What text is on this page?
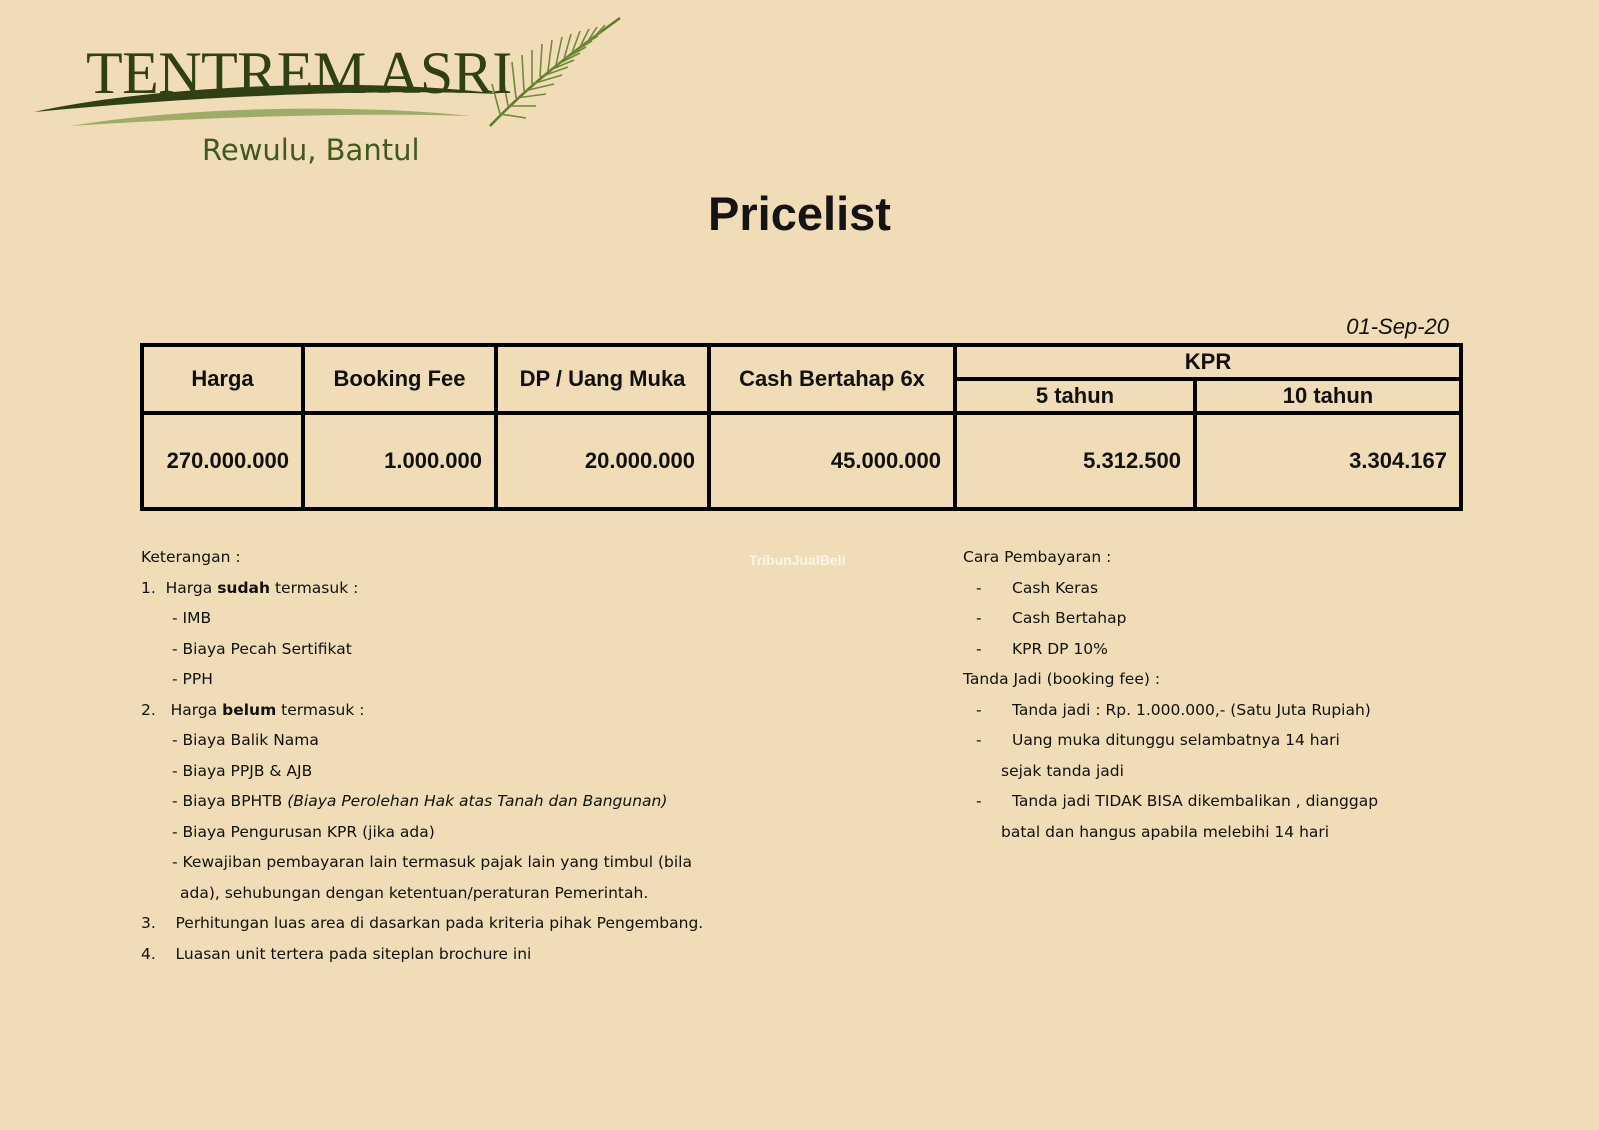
TENTREM ASRI
Rewulu, Bantul
Pricelist
01-Sep-20
Harga	Booking Fee	DP / Uang Muka	Cash Bertahap 6x	KPR	
				5 tahun	10 tahun
270.000.000	1.000.000	20.000.000	45.000.000	5.312.500	3.304.167
Keterangan :
1. Harga sudah termasuk :
- IMB
- Biaya Pecah Sertifikat
- PPH
2. Harga belum termasuk :
- Biaya Balik Nama
- Biaya PPJB & AJB
- Biaya BPHTB (Biaya Perolehan Hak atas Tanah dan Bangunan)
- Biaya Pengurusan KPR (jika ada)
- Kewajiban pembayaran lain termasuk pajak lain yang timbul (bila
ada), sehubungan dengan ketentuan/peraturan Pemerintah.
3. Perhitungan luas area di dasarkan pada kriteria pihak Pengembang.
4. Luasan unit tertera pada siteplan brochure ini
TribunJualBeli	Cara Pembayaran :
- Cash Keras
- Cash Bertahap
- KPR DP 10%
Tanda Jadi (booking fee) :
- Tanda jadi : Rp. 1.000.000,- (Satu Juta Rupiah)
- Uang muka ditunggu selambatnya 14 hari
sejak tanda jadi
- Tanda jadi TIDAK BISA dikembalikan , dianggap
batal dan hangus apabila melebihi 14 hari
